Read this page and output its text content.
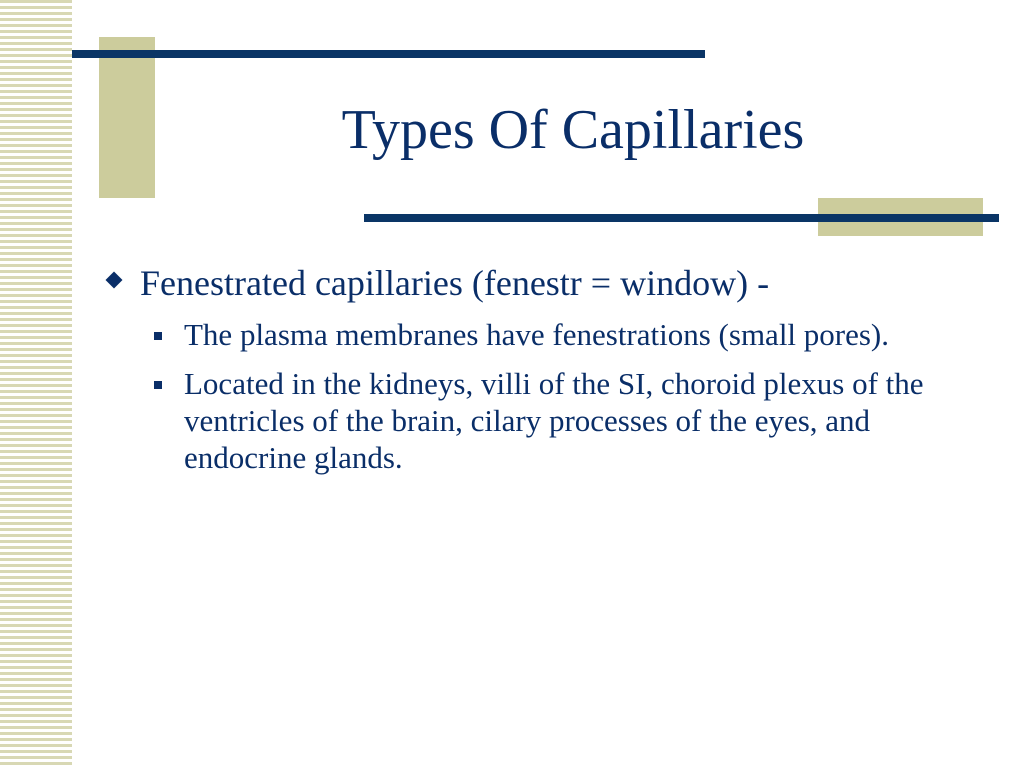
Types Of Capillaries
Fenestrated capillaries (fenestr = window) -
The plasma membranes have fenestrations (small pores).
Located in the kidneys, villi of the SI, choroid plexus of the ventricles of the brain, cilary processes of the eyes, and endocrine glands.
